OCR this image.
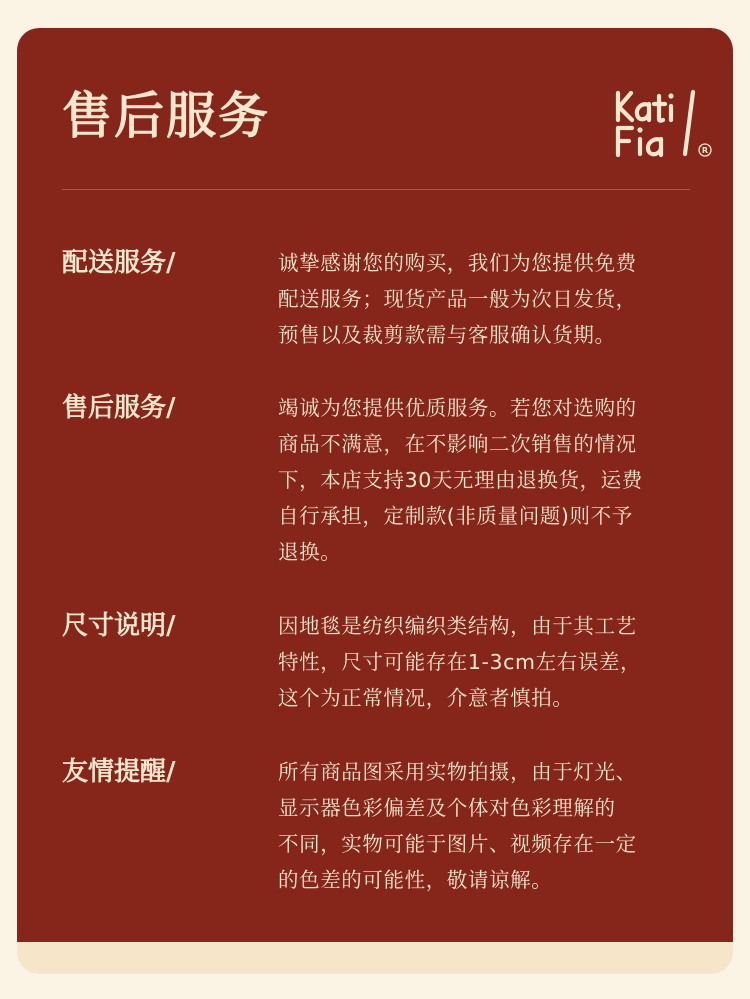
售后服务
R
配送服务/	诚挚感谢您的购买，我们为您提供免费
配送服务；现货产品一般为次日发货，
预售以及裁剪款需与客服确认货期。
售后服务/	竭诚为您提供优质服务。若您对选购的
商品不满意，在不影响二次销售的情况
下，本店支持30天无理由退换货，运费
自行承担，定制款(非质量问题)则不予
退换。
尺寸说明/	因地毯是纺织编织类结构，由于其工艺
特性，尺寸可能存在1-3cm左右误差，
这个为正常情况，介意者慎拍。
友情提醒/	所有商品图采用实物拍摄，由于灯光、
显示器色彩偏差及个体对色彩理解的
不同，实物可能于图片、视频存在一定
的色差的可能性，敬请谅解。
